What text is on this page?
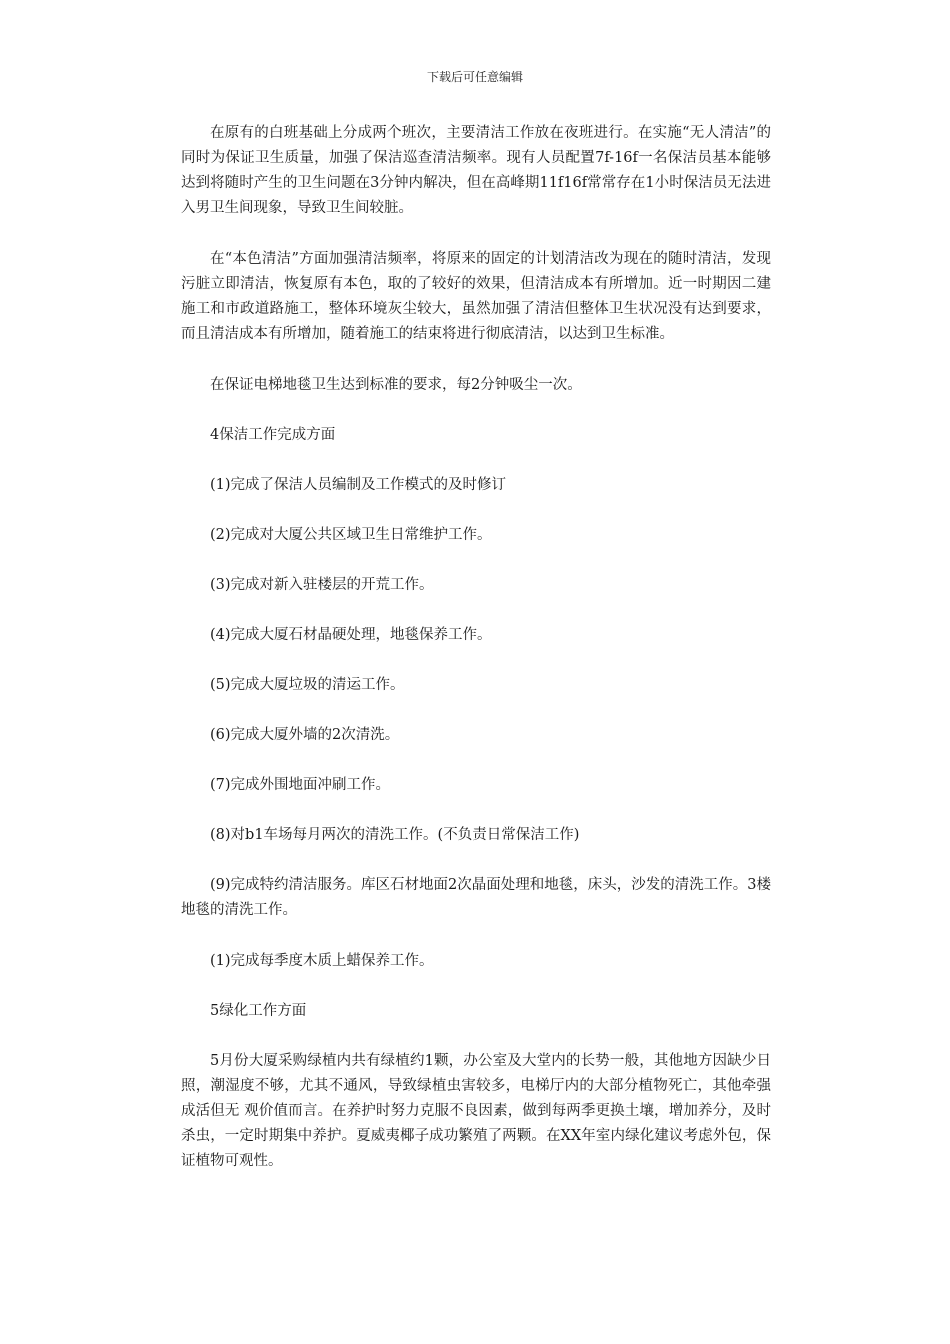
下载后可任意编辑

在原有的白班基础上分成两个班次，主要清洁工作放在夜班进行。在实施“无人清洁”的同时为保证卫生质量，加强了保洁巡查清洁频率。现有人员配置7f-16f一名保洁员基本能够达到将随时产生的卫生问题在3分钟内解决，但在高峰期11f16f常常存在1小时保洁员无法进入男卫生间现象，导致卫生间较脏。

在“本色清洁”方面加强清洁频率，将原来的固定的计划清洁改为现在的随时清洁，发现污脏立即清洁，恢复原有本色，取的了较好的效果，但清洁成本有所增加。近一时期因二建施工和市政道路施工，整体环境灰尘较大，虽然加强了清洁但整体卫生状况没有达到要求，而且清洁成本有所增加，随着施工的结束将进行彻底清洁，以达到卫生标准。

在保证电梯地毯卫生达到标准的要求，每2分钟吸尘一次。

4保洁工作完成方面

(1)完成了保洁人员编制及工作模式的及时修订

(2)完成对大厦公共区域卫生日常维护工作。

(3)完成对新入驻楼层的开荒工作。

(4)完成大厦石材晶硬处理，地毯保养工作。

(5)完成大厦垃圾的清运工作。

(6)完成大厦外墙的2次清洗。

(7)完成外围地面冲刷工作。

(8)对b1车场每月两次的清洗工作。(不负责日常保洁工作)

(9)完成特约清洁服务。库区石材地面2次晶面处理和地毯，床头，沙发的清洗工作。3楼地毯的清洗工作。

(1)完成每季度木质上蜡保养工作。

5绿化工作方面

5月份大厦采购绿植内共有绿植约1颗，办公室及大堂内的长势一般，其他地方因缺少日照，潮湿度不够，尤其不通风，导致绿植虫害较多，电梯厅内的大部分植物死亡，其他牵强成活但无 观价值而言。在养护时努力克服不良因素，做到每两季更换土壤，增加养分，及时杀虫，一定时期集中养护。夏威夷椰子成功繁殖了两颗。在XX年室内绿化建议考虑外包，保证植物可观性。
